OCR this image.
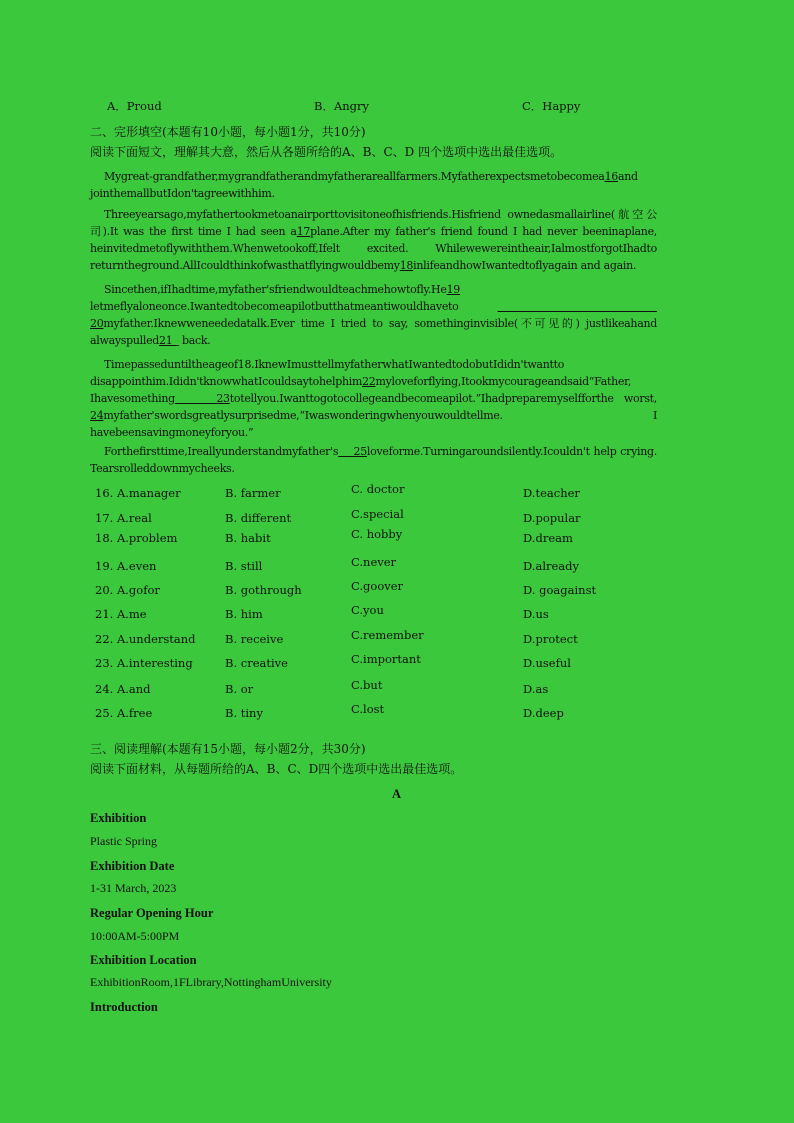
A．Proud	B．Angry	C．Happy
二、完形填空(本题有10小题，每小题1分，共10分)
阅读下面短文，理解其大意，然后从各题所给的A、B、C、D 四个选项中选出最佳选项。
Mygreat-grandfather,mygrandfatherandmyfatherareallfarmers.Myfatherexpectsmetobecomea16and jointhemallbutIdon'tagreewithhim.
Threeyearsago,myfathertookmetoanairporttovisitoneofhisfriends.Hisfriend ownedasmallairline(航空公司).It was the first time I had seen a17plane.After my father's friend found I had never beeninaplane, heinvitedmetoflywiththem.Whenwetookoff,Ifelt excited. Whilewewereintheair,IalmostforgotIhadto returntheground.AllIcouldthinkofwasthatflyingwouldbemy18inlifeandhowIwantedtoflyagain and again.
Sincethen,ifIhadtime,myfather'sfriendwouldteachmehowtofly.He19 letmeflyaloneonce.Iwantedtobecomeapilotbutthatmeantiwouldhaveto       20myfather.Iknewweneededatalk.Ever time I tried to say, somethinginvisible(不可见的) justlikeahand alwayspulled21 back.
Timepasseduntiltheageof18.IknewImusttellmyfatherwhatIwantedtodobutIdidn'twantto disappointhim.Ididn'tknowwhatIcouldsaytohelphim22myloveforflying,Itookmycourageandsaid“Father, Ihavesomething	23totellyou.Iwanttogotocollegeandbecomeapilot.”Ihadpreparemyselfforthe worst, 24myfather'swordsgreatlysurprisedme,“Iwaswonderingwhenyouwouldtellme. I havebeensavingmoneyforyou.”
Forthefirsttime,Ireallyunderstandmyfather's 25loveforme.Turningaroundsilently.Icouldn't help crying. Tearsrolleddownmycheeks.
16. A.manager	B. farmer	C. doctor	D.teacher
17. A.real	B. different	C.special	D.popular
18. A.problem	B. habit	C. hobby	D.dream
19. A.even	B. still	C.never	D.already
20. A.gofor	B. gothrough	C.goover	D. goagainst
21. A.me	B. him	C.you	D.us
22. A.understand	B. receive	C.remember	D.protect
23. A.interesting	B. creative	C.important	D.useful
24. A.and	B. or	C.but	D.as
25. A.free	B. tiny	C.lost	D.deep
三、阅读理解(本题有15小题，每小题2分，共30分)
阅读下面材料，从每题所给的A、B、C、D四个选项中选出最佳选项。
A
Exhibition
Plastic Spring
Exhibition Date
1-31 March, 2023
Regular Opening Hour
10:00AM-5:00PM
Exhibition Location
ExhibitionRoom,1FLibrary,NottinghamUniversity
Introduction
